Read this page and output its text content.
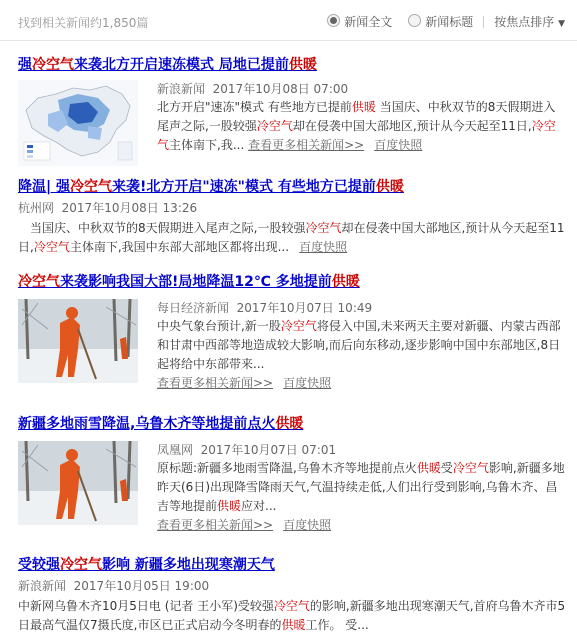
找到相关新闻约1,850篇	新闻全文	新闻标题 按焦点排序 ▼
强冷空气来袭北方开启速冻模式 局地已提前供暖
新浪新闻 2017年10月08日 07:00
北方开启"速冻"模式 有些地方已提前供暖 当国庆、中秋双节的8天假期进入尾声之际,一股较强冷空气却在侵袭中国大部地区,预计从今天起至11日,冷空气主体南下,我... 查看更多相关新闻>> 百度快照
降温| 强冷空气来袭!北方开启"速冻"模式 有些地方已提前供暖
杭州网 2017年10月08日 13:26
当国庆、中秋双节的8天假期进入尾声之际,一股较强冷空气却在侵袭中国大部地区,预计从今天起至11日,冷空气主体南下,我国中东部大部地区都将出现... 百度快照
冷空气来袭影响我国大部!局地降温12℃ 多地提前供暖
每日经济新闻 2017年10月07日 10:49
中央气象台预计,新一股冷空气将侵入中国,未来两天主要对新疆、内蒙古西部和甘肃中西部等地造成较大影响,而后向东移动,逐步影响中国中东部地区,8日起将给中东部带来...
查看更多相关新闻>> 百度快照
新疆多地雨雪降温,乌鲁木齐等地提前点火供暖
凤凰网 2017年10月07日 07:01
原标题:新疆多地雨雪降温,乌鲁木齐等地提前点火供暖受冷空气影响,新疆多地昨天(6日)出现降雪降雨天气,气温持续走低,人们出行受到影响,乌鲁木齐、昌吉等地提前供暖应对...
查看更多相关新闻>> 百度快照
受较强冷空气影响 新疆多地出现寒潮天气
新浪新闻 2017年10月05日 19:00
中新网乌鲁木齐10月5日电 (记者 王小军)受较强冷空气的影响,新疆多地出现寒潮天气,首府乌鲁木齐市5日最高气温仅7摄氏度,市区已正式启动今冬明春的供暖工作。 受...
